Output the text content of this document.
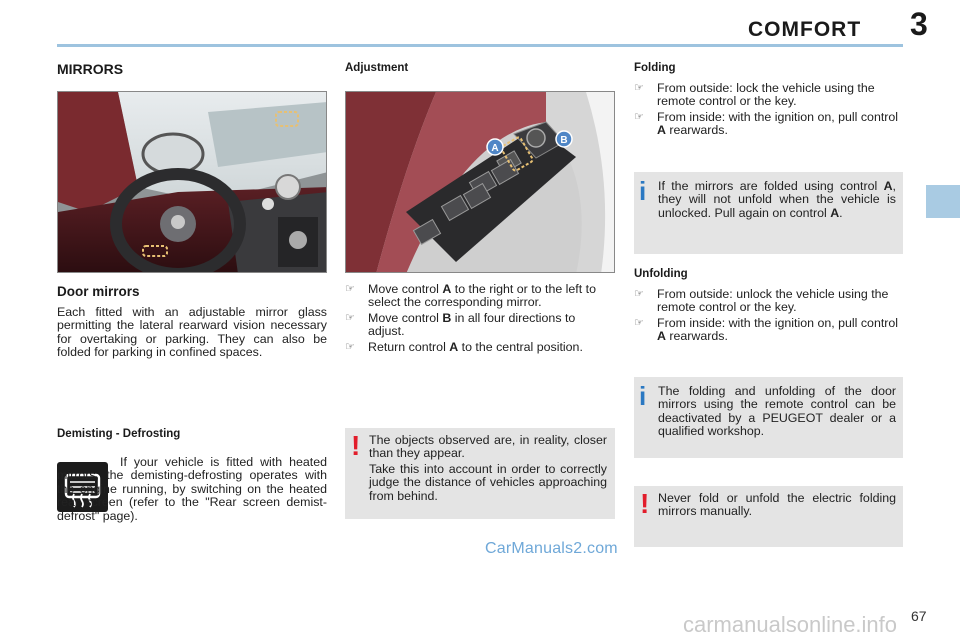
COMFORT 3
MIRRORS
Door mirrors
Each fitted with an adjustable mirror glass permitting the lateral rearward vision necessary for overtaking or parking. They can also be folded for parking in confined spaces.
Demisting - Defrosting
If your vehicle is fitted with heated mirrors, the demisting-defrosting operates with the engine running, by switching on the heated rear screen (refer to the "Rear screen demist-defrost" page).
Adjustment
A
B
☞	Move control A to the right or to the left to select the corresponding mirror.
☞	Move control B in all four directions to adjust.
☞	Return control A to the central position.
! The objects observed are, in reality, closer than they appear.
Take this into account in order to correctly judge the distance of vehicles approaching from behind.
Folding
☞	From outside: lock the vehicle using the remote control or the key.
☞	From inside: with the ignition on, pull control A rearwards.
i If the mirrors are folded using control A, they will not unfold when the vehicle is unlocked. Pull again on control A.
Unfolding
☞	From outside: unlock the vehicle using the remote control or the key.
☞	From inside: with the ignition on, pull control A rearwards.
i The folding and unfolding of the door mirrors using the remote control can be deactivated by a PEUGEOT dealer or a qualified workshop.
! Never fold or unfold the electric folding mirrors manually.
CarManuals2.com
67
carmanualsonline.info
